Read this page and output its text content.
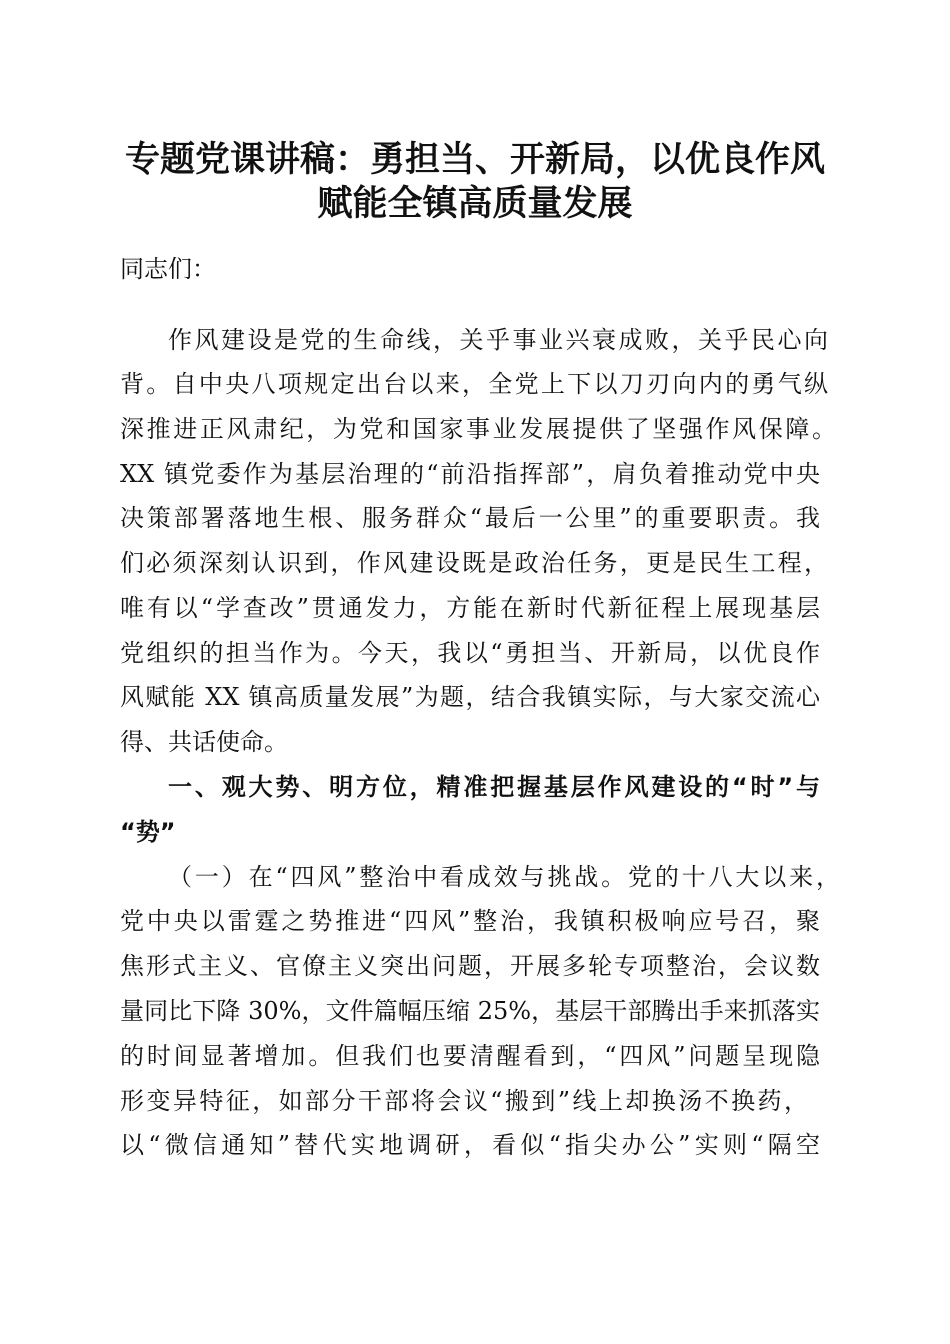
专题党课讲稿：勇担当、开新局，以优良作风
赋能全镇高质量发展
同志们：
作风建设是党的生命线，关乎事业兴衰成败，关乎民心向
背。自中央八项规定出台以来，全党上下以刀刃向内的勇气纵
深推进正风肃纪，为党和国家事业发展提供了坚强作风保障。
XX 镇党委作为基层治理的“前沿指挥部”，肩负着推动党中央
决策部署落地生根、服务群众“最后一公里”的重要职责。我
们必须深刻认识到，作风建设既是政治任务，更是民生工程，
唯有以“学查改”贯通发力，方能在新时代新征程上展现基层
党组织的担当作为。今天，我以“勇担当、开新局，以优良作
风赋能 XX 镇高质量发展”为题，结合我镇实际，与大家交流心
得、共话使命。
一、观大势、明方位，精准把握基层作风建设的“时”与
“势”
（一）在“四风”整治中看成效与挑战。党的十八大以来，
党中央以雷霆之势推进“四风”整治，我镇积极响应号召，聚
焦形式主义、官僚主义突出问题，开展多轮专项整治，会议数
量同比下降 30%，文件篇幅压缩 25%，基层干部腾出手来抓落实
的时间显著增加。但我们也要清醒看到，“四风”问题呈现隐
形变异特征，如部分干部将会议“搬到”线上却换汤不换药，
以“微信通知”替代实地调研，看似“指尖办公”实则“隔空
